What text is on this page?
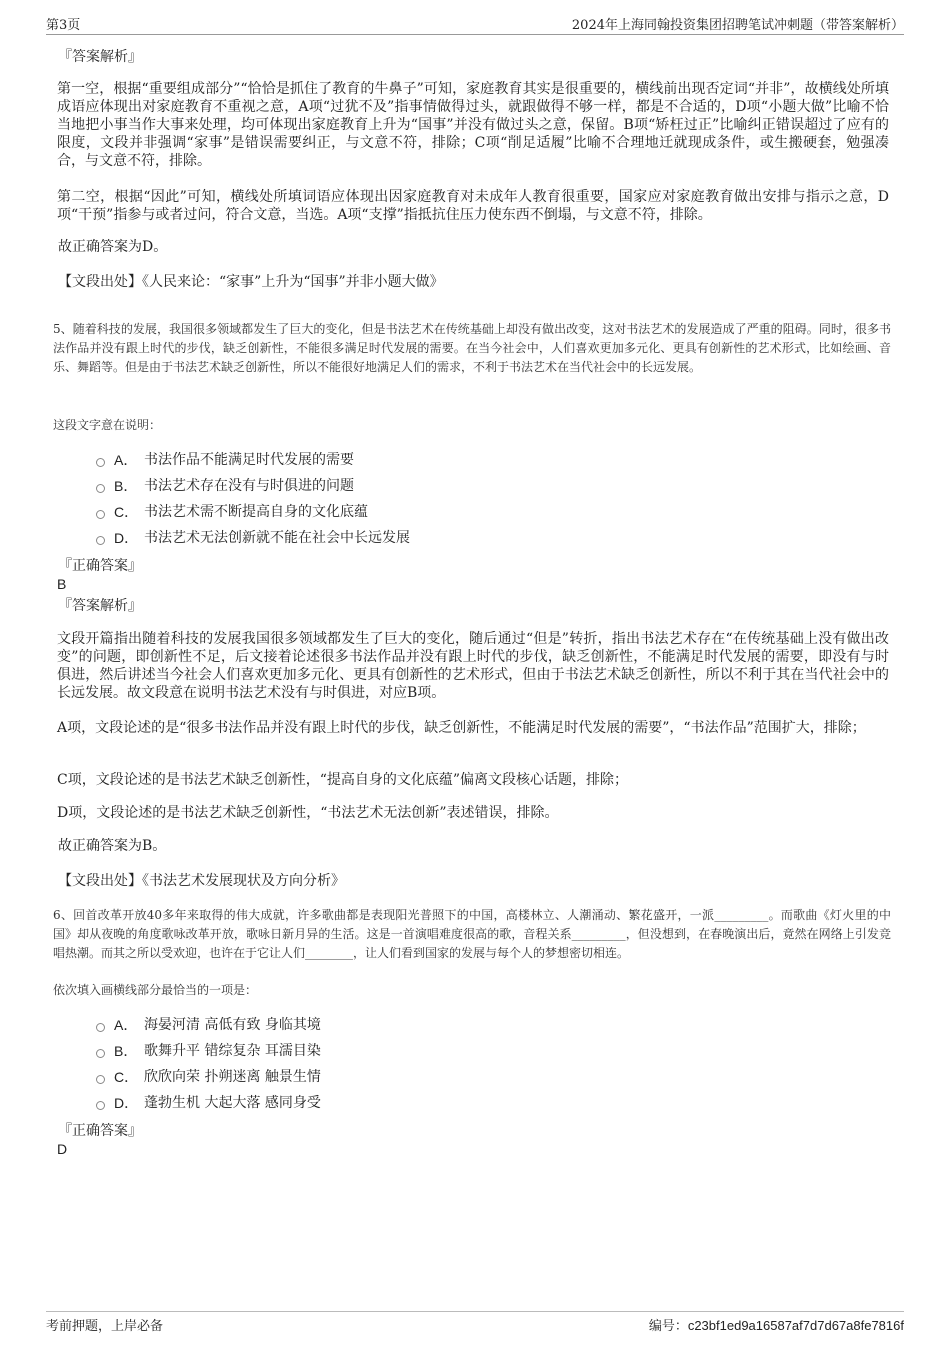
第3页	2024年上海同翰投资集团招聘笔试冲刺题（带答案解析）
『答案解析』
第一空，根据“重要组成部分”“恰恰是抓住了教育的牛鼻子”可知，家庭教育其实是很重要的，横线前出现否定词“并非”，故横线处所填成语应体现出对家庭教育不重视之意，A项“过犹不及”指事情做得过头，就跟做得不够一样，都是不合适的，D项“小题大做”比喻不恰当地把小事当作大事来处理，均可体现出家庭教育上升为“国事”并没有做过头之意，保留。B项“矫枉过正”比喻纠正错误超过了应有的限度，文段并非强调“家事”是错误需要纠正，与文意不符，排除；C项“削足适履”比喻不合理地迁就现成条件，或生搬硬套，勉强凑合，与文意不符，排除。
第二空，根据“因此”可知，横线处所填词语应体现出因家庭教育对未成年人教育很重要，国家应对家庭教育做出安排与指示之意，D项“干预”指参与或者过问，符合文意，当选。A项“支撑”指抵抗住压力使东西不倒塌，与文意不符，排除。
故正确答案为D。
【文段出处】《人民来论：“家事”上升为“国事”并非小题大做》
5、随着科技的发展，我国很多领域都发生了巨大的变化，但是书法艺术在传统基础上却没有做出改变，这对书法艺术的发展造成了严重的阻碍。同时，很多书法作品并没有跟上时代的步伐，缺乏创新性，不能很多满足时代发展的需要。在当今社会中，人们喜欢更加多元化、更具有创新性的艺术形式，比如绘画、音乐、舞蹈等。但是由于书法艺术缺乏创新性，所以不能很好地满足人们的需求，不利于书法艺术在当代社会中的长远发展。
这段文字意在说明：
A． 书法作品不能满足时代发展的需要
B． 书法艺术存在没有与时俱进的问题
C． 书法艺术需不断提高自身的文化底蕴
D． 书法艺术无法创新就不能在社会中长远发展
『正确答案』
B
『答案解析』
文段开篇指出随着科技的发展我国很多领域都发生了巨大的变化，随后通过“但是”转折，指出书法艺术存在“在传统基础上没有做出改变”的问题，即创新性不足，后文接着论述很多书法作品并没有跟上时代的步伐，缺乏创新性，不能满足时代发展的需要，即没有与时俱进，然后讲述当今社会人们喜欢更加多元化、更具有创新性的艺术形式，但由于书法艺术缺乏创新性，所以不利于其在当代社会中的长远发展。故文段意在说明书法艺术没有与时俱进，对应B项。
A项，文段论述的是“很多书法作品并没有跟上时代的步伐，缺乏创新性，不能满足时代发展的需要”，“书法作品”范围扩大，排除；
C项，文段论述的是书法艺术缺乏创新性，“提高自身的文化底蕴”偏离文段核心话题，排除；
D项，文段论述的是书法艺术缺乏创新性，“书法艺术无法创新”表述错误，排除。
故正确答案为B。
【文段出处】《书法艺术发展现状及方向分析》
6、回首改革开放40多年来取得的伟大成就，许多歌曲都是表现阳光普照下的中国，高楼林立、人潮涌动、繁花盛开，一派_________。而歌曲《灯火里的中国》却从夜晚的角度歌咏改革开放，歌咏日新月异的生活。这是一首演唱难度很高的歌，音程关系_________，但没想到，在春晚演出后，竟然在网络上引发竞唱热潮。而其之所以受欢迎，也许在于它让人们________，让人们看到国家的发展与每个人的梦想密切相连。
依次填入画横线部分最恰当的一项是：
A． 海晏河清 高低有致 身临其境
B． 歌舞升平 错综复杂 耳濡目染
C． 欣欣向荣 扑朔迷离 触景生情
D． 蓬勃生机 大起大落 感同身受
『正确答案』
D
考前押题，上岸必备	编号：c23bf1ed9a16587af7d7d67a8fe7816f
